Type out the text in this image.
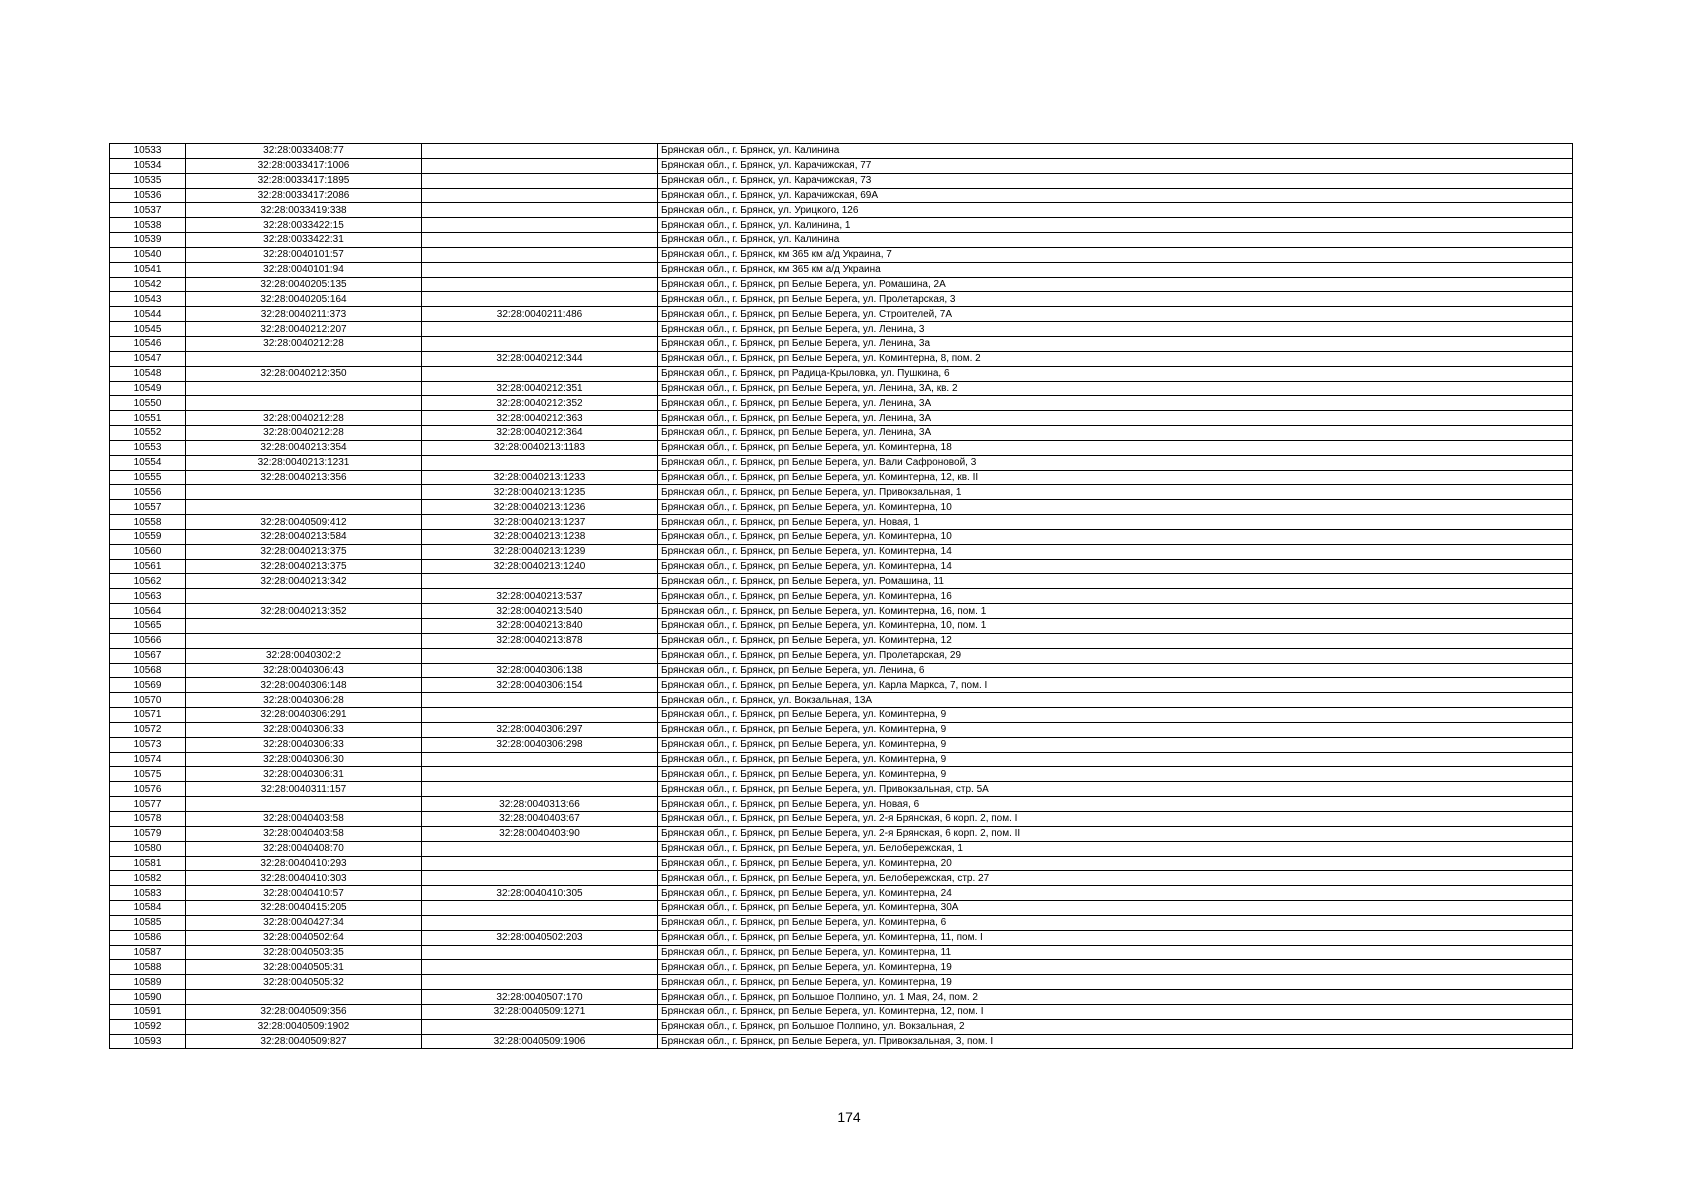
10533	32:28:0033408:77		Брянская обл., г. Брянск, ул. Калинина
10534	32:28:0033417:1006		Брянская обл., г. Брянск, ул. Карачижская, 77
10535	32:28:0033417:1895		Брянская обл., г. Брянск, ул. Карачижская, 73
10536	32:28:0033417:2086		Брянская обл., г. Брянск, ул. Карачижская, 69А
10537	32:28:0033419:338		Брянская обл., г. Брянск, ул. Урицкого, 126
10538	32:28:0033422:15		Брянская обл., г. Брянск, ул. Калинина, 1
10539	32:28:0033422:31		Брянская обл., г. Брянск, ул. Калинина
10540	32:28:0040101:57		Брянская обл., г. Брянск, км 365 км а/д Украина, 7
10541	32:28:0040101:94		Брянская обл., г. Брянск, км 365 км а/д Украина
10542	32:28:0040205:135		Брянская обл., г. Брянск, рп Белые Берега, ул. Ромашина, 2А
10543	32:28:0040205:164		Брянская обл., г. Брянск, рп Белые Берега, ул. Пролетарская, 3
10544	32:28:0040211:373	32:28:0040211:486	Брянская обл., г. Брянск, рп Белые Берега, ул. Строителей, 7А
10545	32:28:0040212:207		Брянская обл., г. Брянск, рп Белые Берега, ул. Ленина, 3
10546	32:28:0040212:28		Брянская обл., г. Брянск, рп Белые Берега, ул. Ленина, 3а
10547		32:28:0040212:344	Брянская обл., г. Брянск, рп Белые Берега, ул. Коминтерна, 8, пом. 2
10548	32:28:0040212:350		Брянская обл., г. Брянск, рп Радица-Крыловка, ул. Пушкина, 6
10549		32:28:0040212:351	Брянская обл., г. Брянск, рп Белые Берега, ул. Ленина, 3А, кв. 2
10550		32:28:0040212:352	Брянская обл., г. Брянск, рп Белые Берега, ул. Ленина, 3А
10551	32:28:0040212:28	32:28:0040212:363	Брянская обл., г. Брянск, рп Белые Берега, ул. Ленина, 3А
10552	32:28:0040212:28	32:28:0040212:364	Брянская обл., г. Брянск, рп Белые Берега, ул. Ленина, 3А
10553	32:28:0040213:354	32:28:0040213:1183	Брянская обл., г. Брянск, рп Белые Берега, ул. Коминтерна, 18
10554	32:28:0040213:1231		Брянская обл., г. Брянск, рп Белые Берега, ул. Вали Сафроновой, 3
10555	32:28:0040213:356	32:28:0040213:1233	Брянская обл., г. Брянск, рп Белые Берега, ул. Коминтерна, 12, кв. II
10556		32:28:0040213:1235	Брянская обл., г. Брянск, рп Белые Берега, ул. Привокзальная, 1
10557		32:28:0040213:1236	Брянская обл., г. Брянск, рп Белые Берега, ул. Коминтерна, 10
10558	32:28:0040509:412	32:28:0040213:1237	Брянская обл., г. Брянск, рп Белые Берега, ул. Новая, 1
10559	32:28:0040213:584	32:28:0040213:1238	Брянская обл., г. Брянск, рп Белые Берега, ул. Коминтерна, 10
10560	32:28:0040213:375	32:28:0040213:1239	Брянская обл., г. Брянск, рп Белые Берега, ул. Коминтерна, 14
10561	32:28:0040213:375	32:28:0040213:1240	Брянская обл., г. Брянск, рп Белые Берега, ул. Коминтерна, 14
10562	32:28:0040213:342		Брянская обл., г. Брянск, рп Белые Берега, ул. Ромашина, 11
10563		32:28:0040213:537	Брянская обл., г. Брянск, рп Белые Берега, ул. Коминтерна, 16
10564	32:28:0040213:352	32:28:0040213:540	Брянская обл., г. Брянск, рп Белые Берега, ул. Коминтерна, 16, пом. 1
10565		32:28:0040213:840	Брянская обл., г. Брянск, рп Белые Берега, ул. Коминтерна, 10, пом. 1
10566		32:28:0040213:878	Брянская обл., г. Брянск, рп Белые Берега, ул. Коминтерна, 12
10567	32:28:0040302:2		Брянская обл., г. Брянск, рп Белые Берега, ул. Пролетарская, 29
10568	32:28:0040306:43	32:28:0040306:138	Брянская обл., г. Брянск, рп Белые Берега, ул. Ленина, 6
10569	32:28:0040306:148	32:28:0040306:154	Брянская обл., г. Брянск, рп Белые Берега, ул. Карла Маркса, 7, пом. I
10570	32:28:0040306:28		Брянская обл., г. Брянск, ул. Вокзальная, 13А
10571	32:28:0040306:291		Брянская обл., г. Брянск, рп Белые Берега, ул. Коминтерна, 9
10572	32:28:0040306:33	32:28:0040306:297	Брянская обл., г. Брянск, рп Белые Берега, ул. Коминтерна, 9
10573	32:28:0040306:33	32:28:0040306:298	Брянская обл., г. Брянск, рп Белые Берега, ул. Коминтерна, 9
10574	32:28:0040306:30		Брянская обл., г. Брянск, рп Белые Берега, ул. Коминтерна, 9
10575	32:28:0040306:31		Брянская обл., г. Брянск, рп Белые Берега, ул. Коминтерна, 9
10576	32:28:0040311:157		Брянская обл., г. Брянск, рп Белые Берега, ул. Привокзальная, стр. 5А
10577		32:28:0040313:66	Брянская обл., г. Брянск, рп Белые Берега, ул. Новая, 6
10578	32:28:0040403:58	32:28:0040403:67	Брянская обл., г. Брянск, рп Белые Берега, ул. 2-я Брянская, 6 корп. 2, пом. I
10579	32:28:0040403:58	32:28:0040403:90	Брянская обл., г. Брянск, рп Белые Берега, ул. 2-я Брянская, 6 корп. 2, пом. II
10580	32:28:0040408:70		Брянская обл., г. Брянск, рп Белые Берега, ул. Белобережская, 1
10581	32:28:0040410:293		Брянская обл., г. Брянск, рп Белые Берега, ул. Коминтерна, 20
10582	32:28:0040410:303		Брянская обл., г. Брянск, рп Белые Берега, ул. Белобережская, стр. 27
10583	32:28:0040410:57	32:28:0040410:305	Брянская обл., г. Брянск, рп Белые Берега, ул. Коминтерна, 24
10584	32:28:0040415:205		Брянская обл., г. Брянск, рп Белые Берега, ул. Коминтерна, 30А
10585	32:28:0040427:34		Брянская обл., г. Брянск, рп Белые Берега, ул. Коминтерна, 6
10586	32:28:0040502:64	32:28:0040502:203	Брянская обл., г. Брянск, рп Белые Берега, ул. Коминтерна, 11, пом. I
10587	32:28:0040503:35		Брянская обл., г. Брянск, рп Белые Берега, ул. Коминтерна, 11
10588	32:28:0040505:31		Брянская обл., г. Брянск, рп Белые Берега, ул. Коминтерна, 19
10589	32:28:0040505:32		Брянская обл., г. Брянск, рп Белые Берега, ул. Коминтерна, 19
10590		32:28:0040507:170	Брянская обл., г. Брянск, рп Большое Полпино, ул. 1 Мая, 24, пом. 2
10591	32:28:0040509:356	32:28:0040509:1271	Брянская обл., г. Брянск, рп Белые Берега, ул. Коминтерна, 12, пом. I
10592	32:28:0040509:1902		Брянская обл., г. Брянск, рп Большое Полпино, ул. Вокзальная, 2
10593	32:28:0040509:827	32:28:0040509:1906	Брянская обл., г. Брянск, рп Белые Берега, ул. Привокзальная, 3, пом. I
174
